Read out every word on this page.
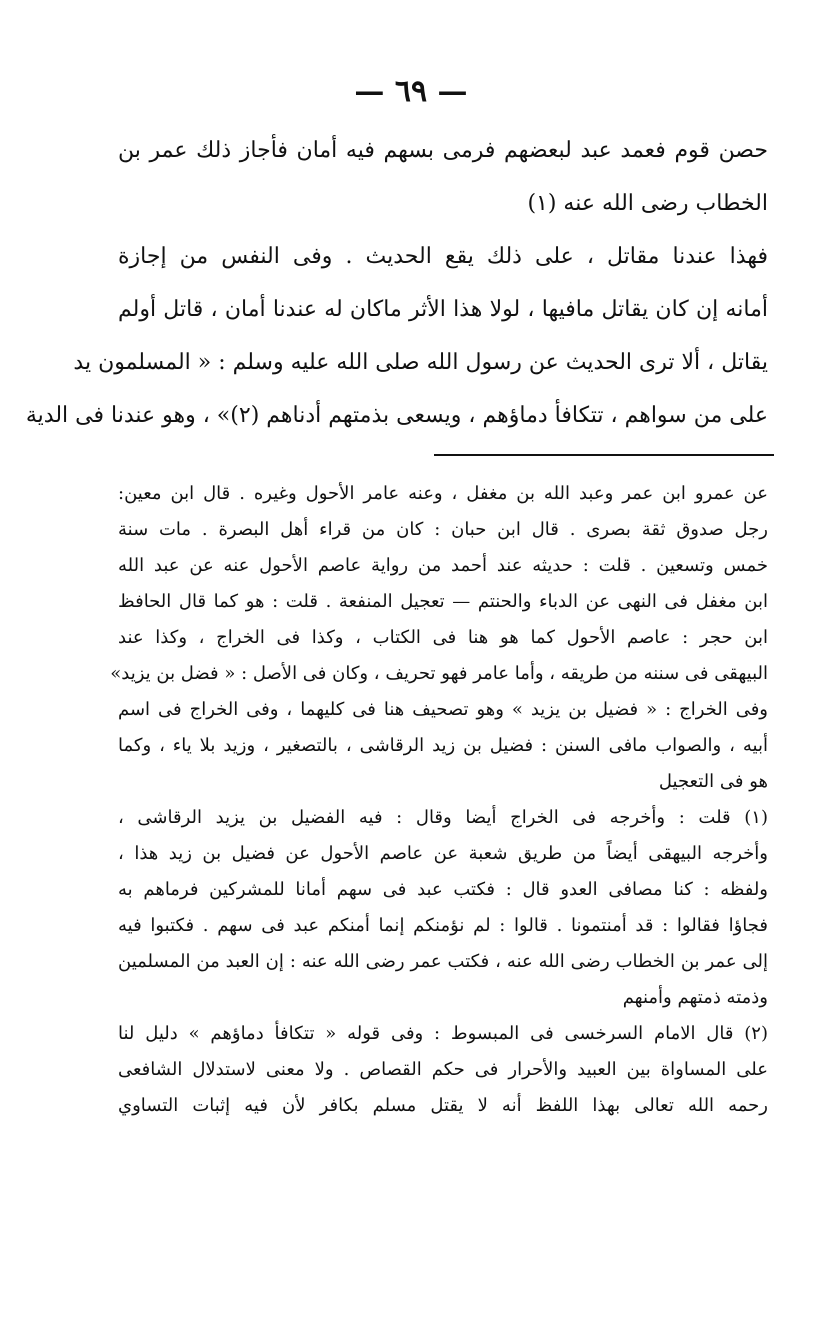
— ٦٩ —
حصن قوم فعمد عبد لبعضهم فرمى بسهم فيه أمان فأجاز ذلك عمر بن
الخطاب رضى الله عنه (١)
فهذا عندنا مقاتل ، على ذلك يقع الحديث . وفى النفس من إجازة
أمانه إن كان يقاتل مافيها ، لولا هذا الأثر ماكان له عندنا أمان ، قاتل أولم
يقاتل ، ألا ترى الحديث عن رسول الله صلى الله عليه وسلم : « المسلمون يد
على من سواهم ، تتكافأ دماؤهم ، ويسعى بذمتهم أدناهم (٢)» ، وهو عندنا فى الدية
عن عمرو ابن عمر وعبد الله بن مغفل ، وعنه عامر الأحول وغيره . قال ابن معين:
رجل صدوق ثقة بصرى . قال ابن حبان : كان من قراء أهل البصرة . مات سنة
خمس وتسعين . قلت : حديثه عند أحمد من رواية عاصم الأحول عنه عن عبد الله
ابن مغفل فى النهى عن الدباء والحنتم — تعجيل المنفعة . قلت : هو كما قال الحافظ
ابن حجر : عاصم الأحول كما هو هنا فى الكتاب ، وكذا فى الخراج ، وكذا عند
البيهقى فى سننه من طريقه ، وأما عامر فهو تحريف ، وكان فى الأصل : « فضل بن يزيد»
وفى الخراج : « فضيل بن يزيد » وهو تصحيف هنا فى كليهما ، وفى الخراج فى اسم
أبيه ، والصواب مافى السنن : فضيل بن زيد الرقاشى ، بالتصغير ، وزيد بلا ياء ، وكما
هو فى التعجيل
(١) قلت : وأخرجه فى الخراج أيضا وقال : فيه الفضيل بن يزيد الرقاشى ،
وأخرجه البيهقى أيضاً من طريق شعبة عن عاصم الأحول عن فضيل بن زيد هذا ،
ولفظه : كنا مصافى العدو قال : فكتب عبد فى سهم أمانا للمشركين فرماهم به
فجاؤا فقالوا : قد أمنتمونا . قالوا : لم نؤمنكم إنما أمنكم عبد فى سهم . فكتبوا فيه
إلى عمر بن الخطاب رضى الله عنه ، فكتب عمر رضى الله عنه : إن العبد من المسلمين
وذمته ذمتهم وأمنهم
(٢) قال الامام السرخسى فى المبسوط : وفى قوله « تتكافأ دماؤهم » دليل لنا
على المساواة بين العبيد والأحرار فى حكم القصاص . ولا معنى لاستدلال الشافعى
رحمه الله تعالى بهذا اللفظ أنه لا يقتل مسلم بكافر لأن فيه إثبات التساوي
